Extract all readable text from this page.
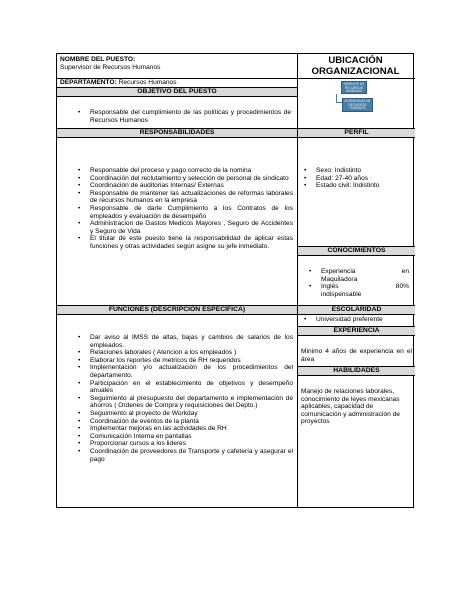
NOMBRE DEL PUESTO:
Supervisor de Recursos Humanos
DEPARTAMENTO: Recursos Humanos
OBJETIVO DEL PUESTO
• Responsable del cumplimiento de las políticas y procedimientos de Recursos Humanos
UBICACIÓN
ORGANIZACIONAL
GERENTE DE RECURSOS HUMANOS
SUPERVISOR DE RECURSOS HUMANOS
RESPONSABILIDADES	PERFIL
• Responsable del proceso y pago correcto de la nomina
• Coordinación del reclutamiento y selección de personal de sindicato
• Coordinación de auditorias Internas/ Externas
• Responsable de mantener las actualizaciones de reformas laborales de recursos humanos en la empresa
• Responsable de darle Cumplimiento a los Contratos de los empleados y evaluación de desempeño
• Administracion de Gastos Medicos Mayores , Seguro de Accidentes y Seguro de Vida
• El titular de este puesto tiene la responsabilidad de aplicar estas funciones y otras actividades según asigne su jefe inmediato.
• Sexo: Indistinto
• Edad: 27-40 años
• Estado civil: Indistinto
CONOCIMIENTOS
• Experiencia	en
Maquiladora
• Inglés	80%
indispensable
FUNCIONES (DESCRIPCIÓN ESPECÍFICA)	ESCOLARIDAD
• Universidad preferente
EXPERIENCIA
Minimo 4 años de experiencia en el área
HABILIDADES
Manejo de relaciones laborales, conocimiento de leyes mexicanas aplicables, capacidad de comunicación y administración de proyectos
• Dar aviso al IMSS de altas, bajas y cambios de salarios de los empleados.
• Relaciones laborales ( Atencion a los empleados )
• Elaborar los reportes de metricos de RH requeridos
• Implementación y/o actualización de los procedimientos del departamento.
• Participación en el establecimiento de objetivos y desempeño anuales
• Seguimiento al presupuesto del departamento e implementación de ahorros ( Ordenes de Compra y requisiciones del Depto.)
• Seguimiento al proyecto de Workday
• Coordinación de eventos de la planta
• Implementar mejoras en las actividades de RH
• Comunicación Interna en pantallas
• Proporcionar cursos a los lideres
• Coordinación de proveedores de Transporte y cafetería y asegurar el pago
